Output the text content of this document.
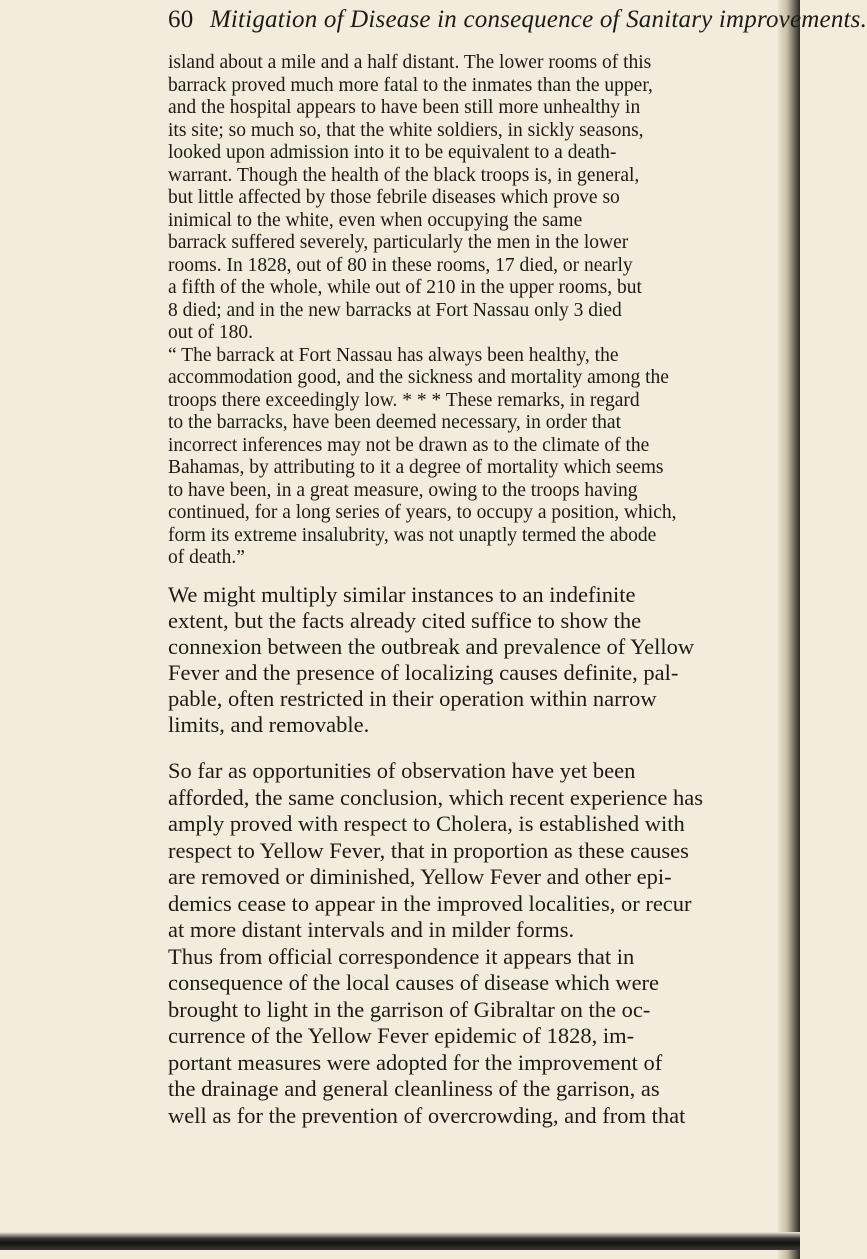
60 Mitigation of Disease in consequence of Sanitary improvements.
island about a mile and a half distant. The lower rooms of this
barrack proved much more fatal to the inmates than the upper,
and the hospital appears to have been still more unhealthy in
its site; so much so, that the white soldiers, in sickly seasons,
looked upon admission into it to be equivalent to a death-
warrant. Though the health of the black troops is, in general,
but little affected by those febrile diseases which prove so
inimical to the white, even when occupying the same
barrack suffered severely, particularly the men in the lower
rooms. In 1828, out of 80 in these rooms, 17 died, or nearly
a fifth of the whole, while out of 210 in the upper rooms, but
8 died; and in the new barracks at Fort Nassau only 3 died
out of 180.
“ The barrack at Fort Nassau has always been healthy, the
accommodation good, and the sickness and mortality among the
troops there exceedingly low. * * * These remarks, in regard
to the barracks, have been deemed necessary, in order that
incorrect inferences may not be drawn as to the climate of the
Bahamas, by attributing to it a degree of mortality which seems
to have been, in a great measure, owing to the troops having
continued, for a long series of years, to occupy a position, which,
form its extreme insalubrity, was not unaptly termed the abode
of death.”
We might multiply similar instances to an indefinite
extent, but the facts already cited suffice to show the
connexion between the outbreak and prevalence of Yellow
Fever and the presence of localizing causes definite, pal-
pable, often restricted in their operation within narrow
limits, and removable.
So far as opportunities of observation have yet been
afforded, the same conclusion, which recent experience has
amply proved with respect to Cholera, is established with
respect to Yellow Fever, that in proportion as these causes
are removed or diminished, Yellow Fever and other epi-
demics cease to appear in the improved localities, or recur
at more distant intervals and in milder forms.
Thus from official correspondence it appears that in
consequence of the local causes of disease which were
brought to light in the garrison of Gibraltar on the oc-
currence of the Yellow Fever epidemic of 1828, im-
portant measures were adopted for the improvement of
the drainage and general cleanliness of the garrison, as
well as for the prevention of overcrowding, and from that
